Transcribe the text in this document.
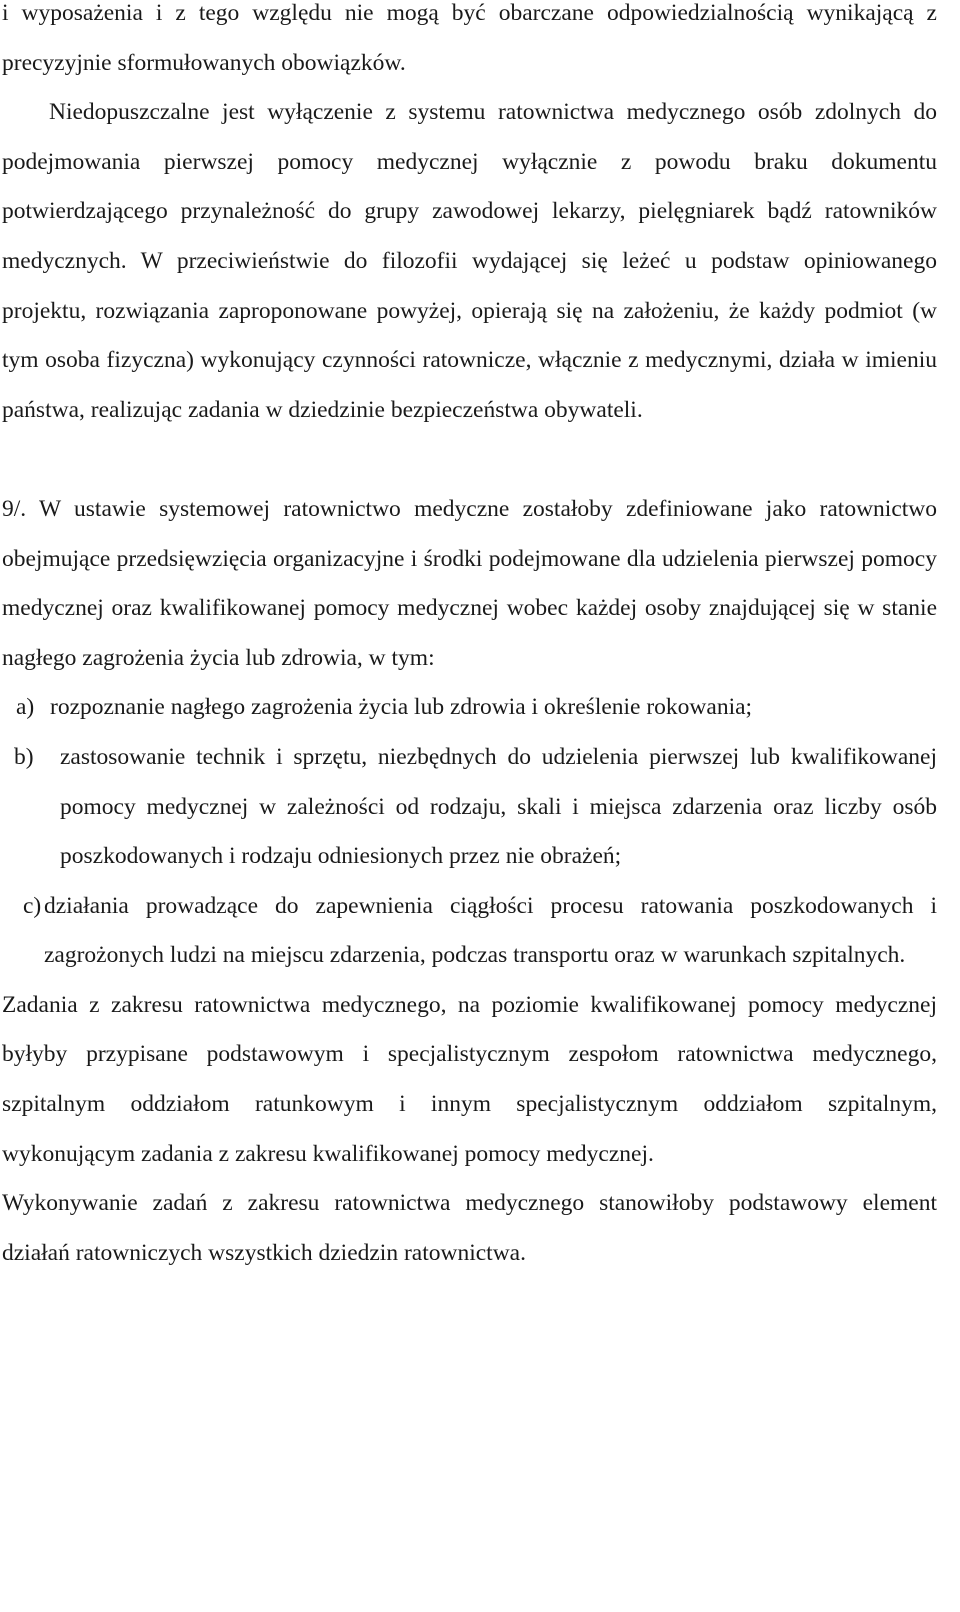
i wyposażenia i z tego względu nie mogą być obarczane odpowiedzialnością wynikającą z precyzyjnie sformułowanych obowiązków.

Niedopuszczalne jest wyłączenie z systemu ratownictwa medycznego osób zdolnych do podejmowania pierwszej pomocy medycznej wyłącznie z powodu braku dokumentu potwierdzającego przynależność do grupy zawodowej lekarzy, pielęgniarek bądź ratowników medycznych. W przeciwieństwie do filozofii wydającej się leżeć u podstaw opiniowanego projektu, rozwiązania zaproponowane powyżej, opierają się na założeniu, że każdy podmiot (w tym osoba fizyczna) wykonujący czynności ratownicze, włącznie z medycznymi, działa w imieniu państwa, realizując zadania w dziedzinie bezpieczeństwa obywateli.

9/. W ustawie systemowej ratownictwo medyczne zostałoby zdefiniowane jako ratownictwo obejmujące przedsięwzięcia organizacyjne i środki podejmowane dla udzielenia pierwszej pomocy medycznej oraz kwalifikowanej pomocy medycznej wobec każdej osoby znajdującej się w stanie nagłego zagrożenia życia lub zdrowia, w tym:

a) rozpoznanie nagłego zagrożenia życia lub zdrowia i określenie rokowania;
b) zastosowanie technik i sprzętu, niezbędnych do udzielenia pierwszej lub kwalifikowanej pomocy medycznej w zależności od rodzaju, skali i miejsca zdarzenia oraz liczby osób poszkodowanych i rodzaju odniesionych przez nie obrażeń;
c) działania prowadzące do zapewnienia ciągłości procesu ratowania poszkodowanych i zagrożonych ludzi na miejscu zdarzenia, podczas transportu oraz w warunkach szpitalnych.

Zadania z zakresu ratownictwa medycznego, na poziomie kwalifikowanej pomocy medycznej byłyby przypisane podstawowym i specjalistycznym zespołom ratownictwa medycznego, szpitalnym oddziałom ratunkowym i innym specjalistycznym oddziałom szpitalnym, wykonującym zadania z zakresu kwalifikowanej pomocy medycznej.

Wykonywanie zadań z zakresu ratownictwa medycznego stanowiłoby podstawowy element działań ratowniczych wszystkich dziedzin ratownictwa.
